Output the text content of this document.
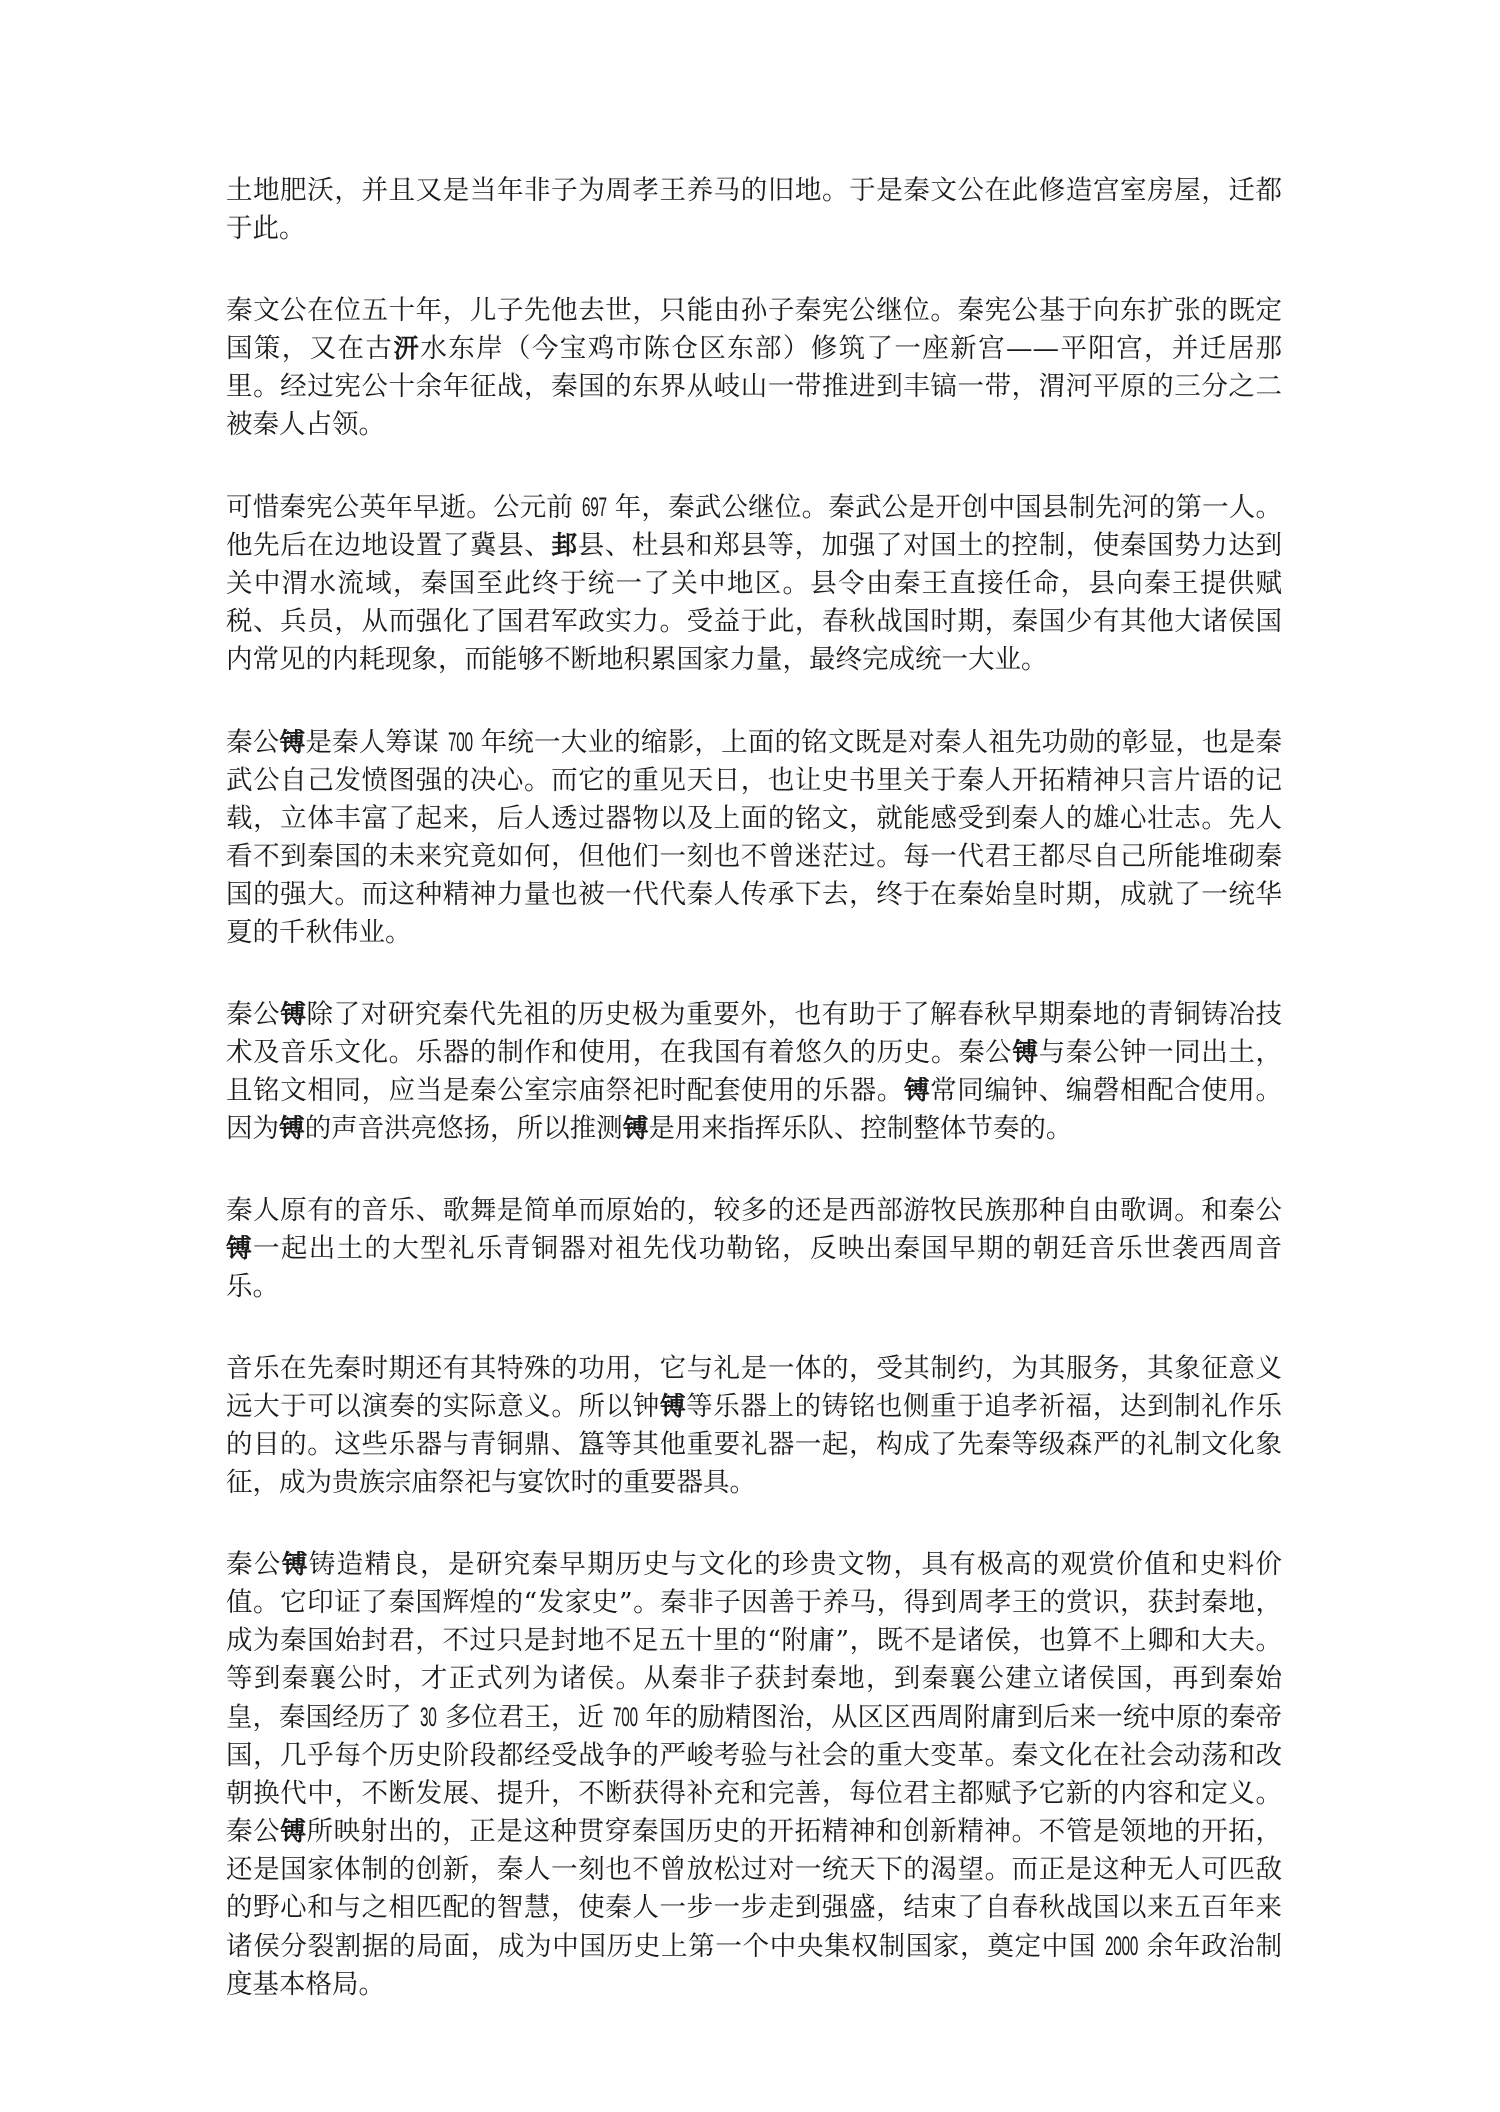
土地肥沃，并且又是当年非子为周孝王养马的旧地。于是秦文公在此修造宫室房屋，迁都于此。

秦文公在位五十年，儿子先他去世，只能由孙子秦宪公继位。秦宪公基于向东扩张的既定国策，又在古汧水东岸（今宝鸡市陈仓区东部）修筑了一座新宫——平阳宫，并迁居那里。经过宪公十余年征战，秦国的东界从岐山一带推进到丰镐一带，渭河平原的三分之二被秦人占领。

可惜秦宪公英年早逝。公元前 697 年，秦武公继位。秦武公是开创中国县制先河的第一人。他先后在边地设置了冀县、邽县、杜县和郑县等，加强了对国土的控制，使秦国势力达到关中渭水流域，秦国至此终于统一了关中地区。县令由秦王直接任命，县向秦王提供赋税、兵员，从而强化了国君军政实力。受益于此，春秋战国时期，秦国少有其他大诸侯国内常见的内耗现象，而能够不断地积累国家力量，最终完成统一大业。

秦公镈是秦人筹谋 700 年统一大业的缩影，上面的铭文既是对秦人祖先功勋的彰显，也是秦武公自己发愤图强的决心。而它的重见天日，也让史书里关于秦人开拓精神只言片语的记载，立体丰富了起来，后人透过器物以及上面的铭文，就能感受到秦人的雄心壮志。先人看不到秦国的未来究竟如何，但他们一刻也不曾迷茫过。每一代君王都尽自己所能堆砌秦国的强大。而这种精神力量也被一代代秦人传承下去，终于在秦始皇时期，成就了一统华夏的千秋伟业。

秦公镈除了对研究秦代先祖的历史极为重要外，也有助于了解春秋早期秦地的青铜铸冶技术及音乐文化。乐器的制作和使用，在我国有着悠久的历史。秦公镈与秦公钟一同出土，且铭文相同，应当是秦公室宗庙祭祀时配套使用的乐器。镈常同编钟、编磬相配合使用。因为镈的声音洪亮悠扬，所以推测镈是用来指挥乐队、控制整体节奏的。

秦人原有的音乐、歌舞是简单而原始的，较多的还是西部游牧民族那种自由歌调。和秦公镈一起出土的大型礼乐青铜器对祖先伐功勒铭，反映出秦国早期的朝廷音乐世袭西周音乐。

音乐在先秦时期还有其特殊的功用，它与礼是一体的，受其制约，为其服务，其象征意义远大于可以演奏的实际意义。所以钟镈等乐器上的铸铭也侧重于追孝祈福，达到制礼作乐的目的。这些乐器与青铜鼎、簋等其他重要礼器一起，构成了先秦等级森严的礼制文化象征，成为贵族宗庙祭祀与宴饮时的重要器具。

秦公镈铸造精良，是研究秦早期历史与文化的珍贵文物，具有极高的观赏价值和史料价值。它印证了秦国辉煌的“发家史”。秦非子因善于养马，得到周孝王的赏识，获封秦地，成为秦国始封君，不过只是封地不足五十里的“附庸”，既不是诸侯，也算不上卿和大夫。等到秦襄公时，才正式列为诸侯。从秦非子获封秦地，到秦襄公建立诸侯国，再到秦始皇，秦国经历了 30 多位君王，近 700 年的励精图治，从区区西周附庸到后来一统中原的秦帝国，几乎每个历史阶段都经受战争的严峻考验与社会的重大变革。秦文化在社会动荡和改朝换代中，不断发展、提升，不断获得补充和完善，每位君主都赋予它新的内容和定义。秦公镈所映射出的，正是这种贯穿秦国历史的开拓精神和创新精神。不管是领地的开拓，还是国家体制的创新，秦人一刻也不曾放松过对一统天下的渴望。而正是这种无人可匹敌的野心和与之相匹配的智慧，使秦人一步一步走到强盛，结束了自春秋战国以来五百年来诸侯分裂割据的局面，成为中国历史上第一个中央集权制国家，奠定中国 2000 余年政治制度基本格局。
